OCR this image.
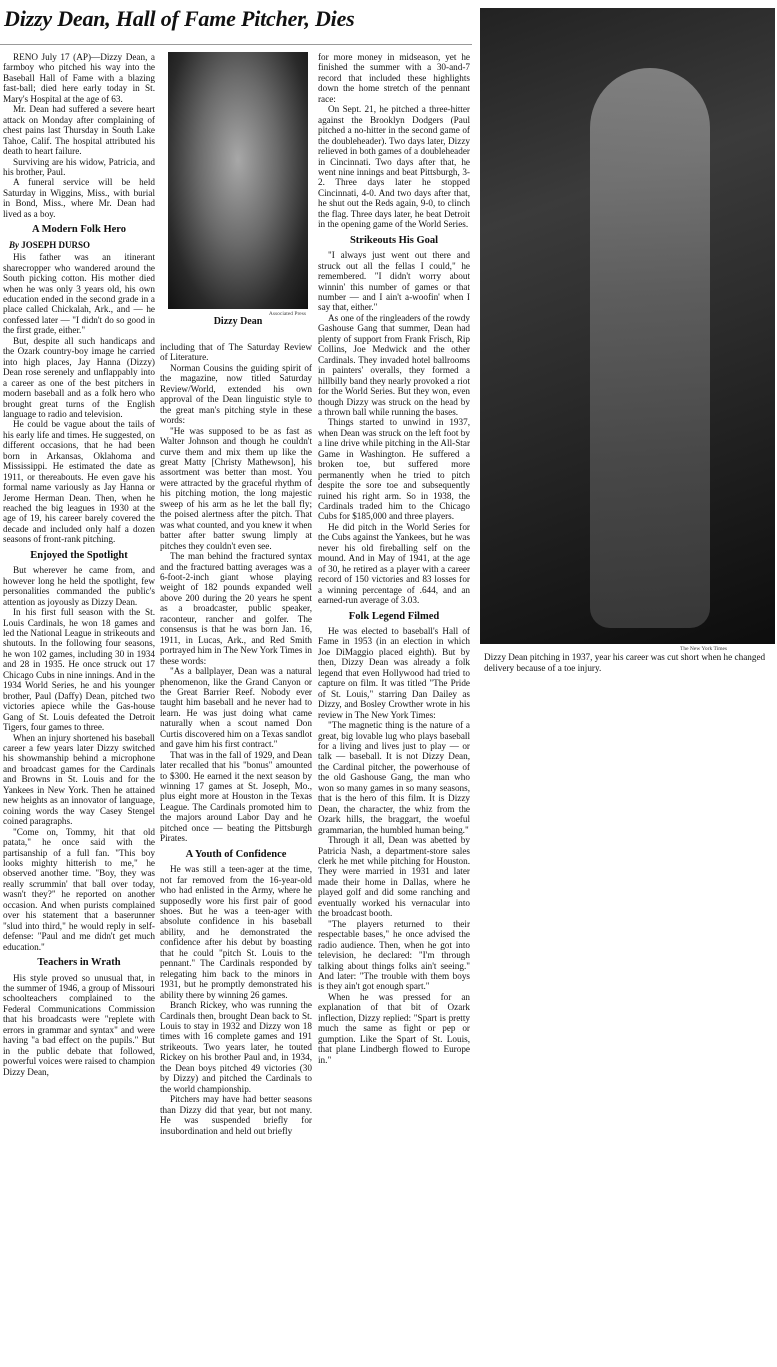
Dizzy Dean, Hall of Fame Pitcher, Dies

RENO July 17 (AP)—Dizzy Dean, a farmboy who pitched his way into the Baseball Hall of Fame with a blazing fast-ball; died here early today in St. Mary's Hospital at the age of 63.

Mr. Dean had suffered a severe heart attack on Monday after complaining of chest pains last Thursday in South Lake Tahoe, Calif. The hospital attributed his death to heart failure.

Surviving are his widow, Patricia, and his brother, Paul.

A funeral service will be held Saturday in Wiggins, Miss., with burial in Bond, Miss., where Mr. Dean had lived as a boy.

A Modern Folk Hero
By JOSEPH DURSO

His father was an itinerant sharecropper who wandered around the South picking cotton. His mother died when he was only 3 years old, his own education ended in the second grade in a place called Chickalah, Ark., and — he confessed later — "I didn't do so good in the first grade, either."

But, despite all such handicaps and the Ozark country-boy image he carried into high places, Jay Hanna (Dizzy) Dean rose serenely and unflappably into a career as one of the best pitchers in modern baseball and as a folk hero who brought great turns of the English language to radio and television.

He could be vague about the tails of his early life and times. He suggested, on different occasions, that he had been born in Arkansas, Oklahoma and Mississippi. He estimated the date as 1911, or thereabouts. He even gave his formal name variously as Jay Hanna or Jerome Herman Dean. Then, when he reached the big leagues in 1930 at the age of 19, his career barely covered the decade and included only half a dozen seasons of front-rank pitching.

Enjoyed the Spotlight

But wherever he came from, and however long he held the spotlight, few personalities commanded the public's attention as joyously as Dizzy Dean.

In his first full season with the St. Louis Cardinals, he won 18 games and led the National League in strikeouts and shutouts. In the following four seasons, he won 102 games, including 30 in 1934 and 28 in 1935. He once struck out 17 Chicago Cubs in nine innings. And in the 1934 World Series, he and his younger brother, Paul (Daffy) Dean, pitched two victories apiece while the Gas-house Gang of St. Louis defeated the Detroit Tigers, four games to three.

When an injury shortened his baseball career a few years later Dizzy switched his showmanship behind a microphone and broadcast games for the Cardinals and Browns in St. Louis and for the Yankees in New York. Then he attained new heights as an innovator of language, coining words the way Casey Stengel coined paragraphs.

"Come on, Tommy, hit that old patata," he once said with the partisanship of a full fan. "This boy looks mighty hitterish to me," he observed another time. "Boy, they was really scrummin' that ball over today, wasn't they?" he reported on another occasion. And when purists complained over his statement that a baserunner "slud into third," he would reply in self-defense: "Paul and me didn't get much education."

Teachers in Wrath

His style proved so unusual that, in the summer of 1946, a group of Missouri schoolteachers complained to the Federal Communications Commission that his broadcasts were "replete with errors in grammar and syntax" and were having "a bad effect on the pupils." But in the public debate that followed, powerful voices were raised to champion Dizzy Dean,

Associated Press
Dizzy Dean

including that of The Saturday Review of Literature.

Norman Cousins the guiding spirit of the magazine, now titled Saturday Review/World, extended his own approval of the Dean linguistic style to the great man's pitching style in these words:

"He was supposed to be as fast as Walter Johnson and though he couldn't curve them and mix them up like the great Matty [Christy Mathewson], his assortment was better than most. You were attracted by the graceful rhythm of his pitching motion, the long majestic sweep of his arm as he let the ball fly; the poised alertness after the pitch. That was what counted, and you knew it when batter after batter swung limply at pitches they couldn't even see.

The man behind the fractured syntax and the fractured batting averages was a 6-foot-2-inch giant whose playing weight of 182 pounds expanded well above 200 during the 20 years he spent as a broadcaster, public speaker, raconteur, rancher and golfer. The consensus is that he was born Jan. 16, 1911, in Lucas, Ark., and Red Smith portrayed him in The New York Times in these words:

"As a ballplayer, Dean was a natural phenomenon, like the Grand Canyon or the Great Barrier Reef. Nobody ever taught him baseball and he never had to learn. He was just doing what came naturally when a scout named Don Curtis discovered him on a Texas sandlot and gave him his first contract."

That was in the fall of 1929, and Dean later recalled that his "bonus" amounted to $300. He earned it the next season by winning 17 games at St. Joseph, Mo., plus eight more at Houston in the Texas League. The Cardinals promoted him to the majors around Labor Day and he pitched once — beating the Pittsburgh Pirates.

A Youth of Confidence

He was still a teen-ager at the time, not far removed from the 16-year-old who had enlisted in the Army, where he supposedly wore his first pair of good shoes. But he was a teen-ager with absolute confidence in his baseball ability, and he demonstrated the confidence after his debut by boasting that he could "pitch St. Louis to the pennant." The Cardinals responded by relegating him back to the minors in 1931, but he promptly demonstrated his ability there by winning 26 games.

Branch Rickey, who was running the Cardinals then, brought Dean back to St. Louis to stay in 1932 and Dizzy won 18 times with 16 complete games and 191 strikeouts. Two years later, he touted Rickey on his brother Paul and, in 1934, the Dean boys pitched 49 victories (30 by Dizzy) and pitched the Cardinals to the world championship.

Pitchers may have had better seasons than Dizzy did that year, but not many. He was suspended briefly for insubordination and held out briefly

for more money in midseason, yet he finished the summer with a 30-and-7 record that included these highlights down the home stretch of the pennant race:

On Sept. 21, he pitched a three-hitter against the Brooklyn Dodgers (Paul pitched a no-hitter in the second game of the doubleheader). Two days later, Dizzy relieved in both games of a doubleheader in Cincinnati. Two days after that, he went nine innings and beat Pittsburgh, 3-2. Three days later he stopped Cincinnati, 4-0. And two days after that, he shut out the Reds again, 9-0, to clinch the flag. Three days later, he beat Detroit in the opening game of the World Series.

Strikeouts His Goal

"I always just went out there and struck out all the fellas I could," he remembered. "I didn't worry about winnin' this number of games or that number — and I ain't a-woofin' when I say that, either."

As one of the ringleaders of the rowdy Gashouse Gang that summer, Dean had plenty of support from Frank Frisch, Rip Collins, Joe Medwick and the other Cardinals. They invaded hotel ballrooms in painters' overalls, they formed a hillbilly band they nearly provoked a riot for the World Series. But they won, even though Dizzy was struck on the head by a thrown ball while running the bases.

Things started to unwind in 1937, when Dean was struck on the left foot by a line drive while pitching in the All-Star Game in Washington. He suffered a broken toe, but suffered more permanently when he tried to pitch despite the sore toe and subsequently ruined his right arm. So in 1938, the Cardinals traded him to the Chicago Cubs for $185,000 and three players.

He did pitch in the World Series for the Cubs against the Yankees, but he was never his old fireballing self on the mound. And in May of 1941, at the age of 30, he retired as a player with a career record of 150 victories and 83 losses for a winning percentage of .644, and an earned-run average of 3.03.

Folk Legend Filmed

He was elected to baseball's Hall of Fame in 1953 (in an election in which Joe DiMaggio placed eighth). But by then, Dizzy Dean was already a folk legend that even Hollywood had tried to capture on film. It was titled "The Pride of St. Louis," starring Dan Dailey as Dizzy, and Bosley Crowther wrote in his review in The New York Times:

"The magnetic thing is the nature of a great, big lovable lug who plays baseball for a living and lives just to play — or talk — baseball. It is not Dizzy Dean, the Cardinal pitcher, the powerhouse of the old Gashouse Gang, the man who won so many games in so many seasons, that is the hero of this film. It is Dizzy Dean, the character, the whiz from the Ozark hills, the braggart, the woeful grammarian, the humbled human being."

Through it all, Dean was abetted by Patricia Nash, a department-store sales clerk he met while pitching for Houston. They were married in 1931 and later made their home in Dallas, where he played golf and did some ranching and eventually worked his vernacular into the broadcast booth.

"The players returned to their respectable bases," he once advised the radio audience. Then, when he got into television, he declared: "I'm through talking about things folks ain't seeing." And later: "The trouble with them boys is they ain't got enough spart."

When he was pressed for an explanation of that bit of Ozark inflection, Dizzy replied: "Spart is pretty much the same as fight or pep or gumption. Like the Spart of St. Louis, that plane Lindbergh flowed to Europe in."

The New York Times
Dizzy Dean pitching in 1937, year his career was cut short when he changed delivery because of a toe injury.
